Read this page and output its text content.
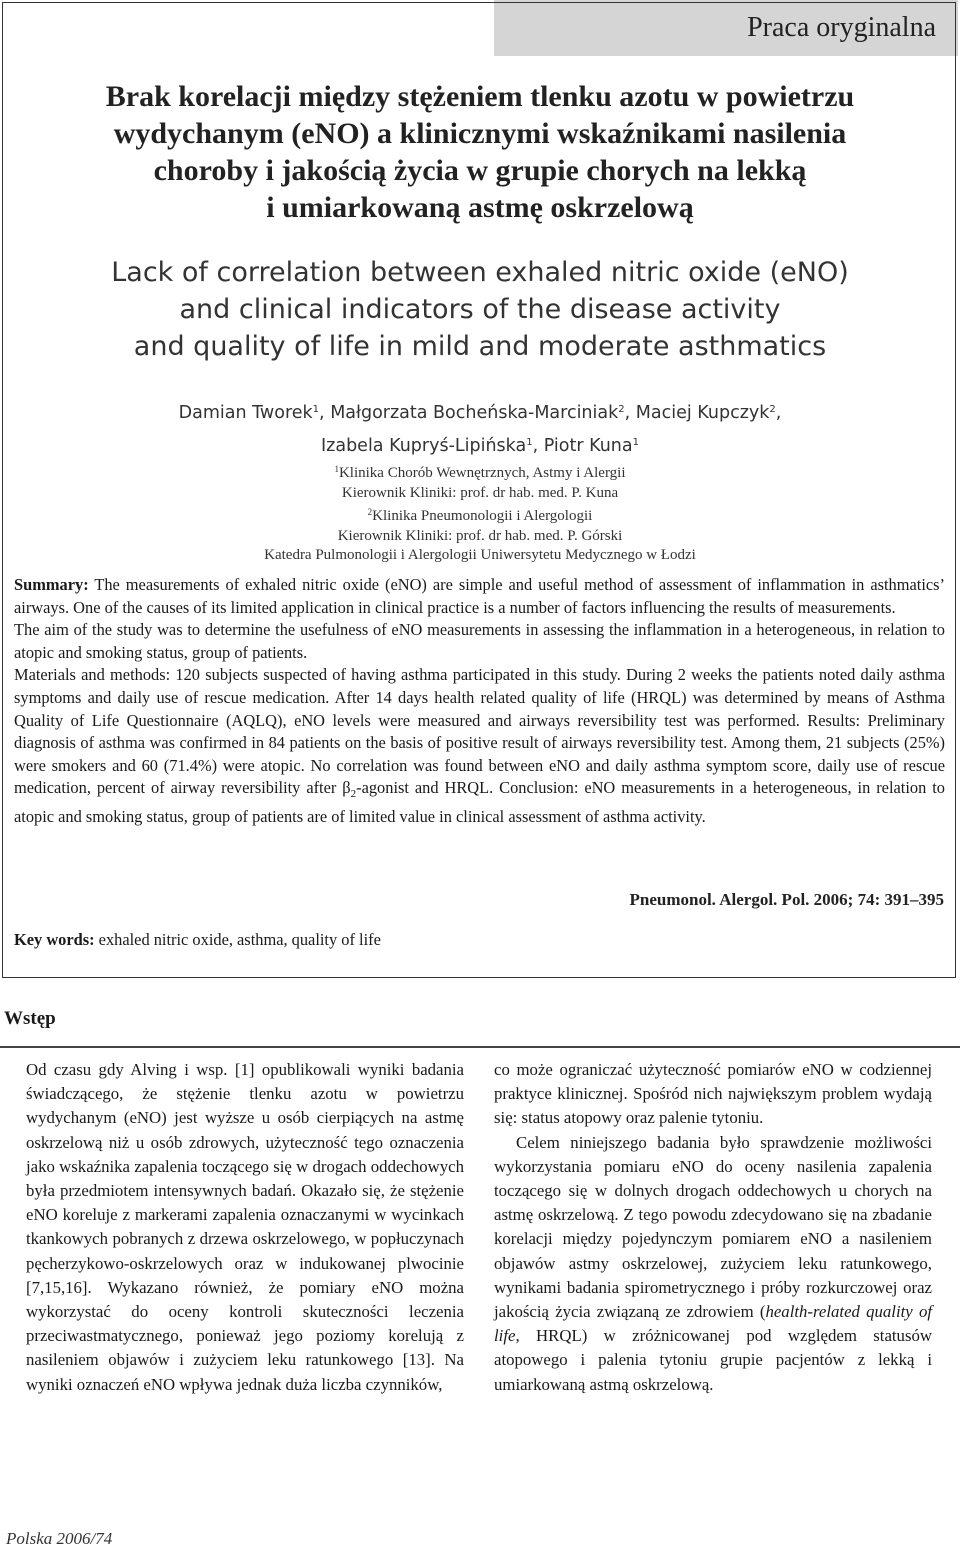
Praca oryginalna
Brak korelacji między stężeniem tlenku azotu w powietrzu
wydychanym (eNO) a klinicznymi wskaźnikami nasilenia
choroby i jakością życia w grupie chorych na lekką
i umiarkowaną astmę oskrzelową
Lack of correlation between exhaled nitric oxide (eNO)
and clinical indicators of the disease activity
and quality of life in mild and moderate asthmatics
Damian Tworek$^1$, Małgorzata Bocheńska-Marciniak$^2$, Maciej Kupczyk$^2$,
Izabela Kupryś-Lipińska$^1$, Piotr Kuna$^1$
$^1$Klinika Chorób Wewnętrznych, Astmy i Alergii
Kierownik Kliniki: prof. dr hab. med. P. Kuna
$^2$Klinika Pneumonologii i Alergologii
Kierownik Kliniki: prof. dr hab. med. P. Górski
Katedra Pulmonologii i Alergologii Uniwersytetu Medycznego w Łodzi

Summary: The measurements of exhaled nitric oxide (eNO) are simple and useful method of assessment of inflammation in asthmatics’ airways. One of the causes of its limited application in clinical practice is a number of factors influencing the results of measurements.

The aim of the study was to determine the usefulness of eNO measurements in assessing the inflammation in a heterogeneous, in relation to atopic and smoking status, group of patients.

Materials and methods: 120 subjects suspected of having asthma participated in this study. During 2 weeks the patients noted daily asthma symptoms and daily use of rescue medication. After 14 days health related quality of life (HRQL) was determined by means of Asthma Quality of Life Questionnaire (AQLQ), eNO levels were measured and airways reversibility test was performed. Results: Preliminary diagnosis of asthma was confirmed in 84 patients on the basis of positive result of airways reversibility test. Among them, 21 subjects (25%) were smokers and 60 (71.4%) were atopic. No correlation was found between eNO and daily asthma symptom score, daily use of rescue medication, percent of airway reversibility after $\beta_2$-agonist and HRQL. Conclusion: eNO measurements in a heterogeneous, in relation to atopic and smoking status, group of patients are of limited value in clinical assessment of asthma activity.

Pneumonol. Alergol. Pol. 2006; 74: 391–395
Key words: exhaled nitric oxide, asthma, quality of life
Wstęp

Od czasu gdy Alving i wsp. [1] opublikowali wyniki badania świadczącego, że stężenie tlenku azotu w powietrzu wydychanym (eNO) jest wyższe u osób cierpiących na astmę oskrzelową niż u osób zdrowych, użyteczność tego oznaczenia jako wskaźnika zapalenia toczącego się w drogach oddechowych była przedmiotem intensywnych badań. Okazało się, że stężenie eNO koreluje z markerami zapalenia oznaczanymi w wycinkach tkankowych pobranych z drzewa oskrzelowego, w popłuczynach pęcherzykowo-oskrzelowych oraz w indukowanej plwocinie [7,15,16]. Wykazano również, że pomiary eNO można wykorzystać do oceny kontroli skuteczności leczenia przeciwastmatycznego, ponieważ jego poziomy korelują z nasileniem objawów i zużyciem leku ratunkowego [13]. Na wyniki oznaczeń eNO wpływa jednak duża liczba czynników,

co może ograniczać użyteczność pomiarów eNO w codziennej praktyce klinicznej. Spośród nich największym problem wydają się: status atopowy oraz palenie tytoniu.

Celem niniejszego badania było sprawdzenie możliwości wykorzystania pomiaru eNO do oceny nasilenia zapalenia toczącego się w dolnych drogach oddechowych u chorych na astmę oskrzelową. Z tego powodu zdecydowano się na zbadanie korelacji między pojedynczym pomiarem eNO a nasileniem objawów astmy oskrzelowej, zużyciem leku ratunkowego, wynikami badania spirometrycznego i próby rozkurczowej oraz jakością życia związaną ze zdrowiem (health-related quality of life, HRQL) w zróżnicowanej pod względem statusów atopowego i palenia tytoniu grupie pacjentów z lekką i umiarkowaną astmą oskrzelową.

Polska 2006/74
